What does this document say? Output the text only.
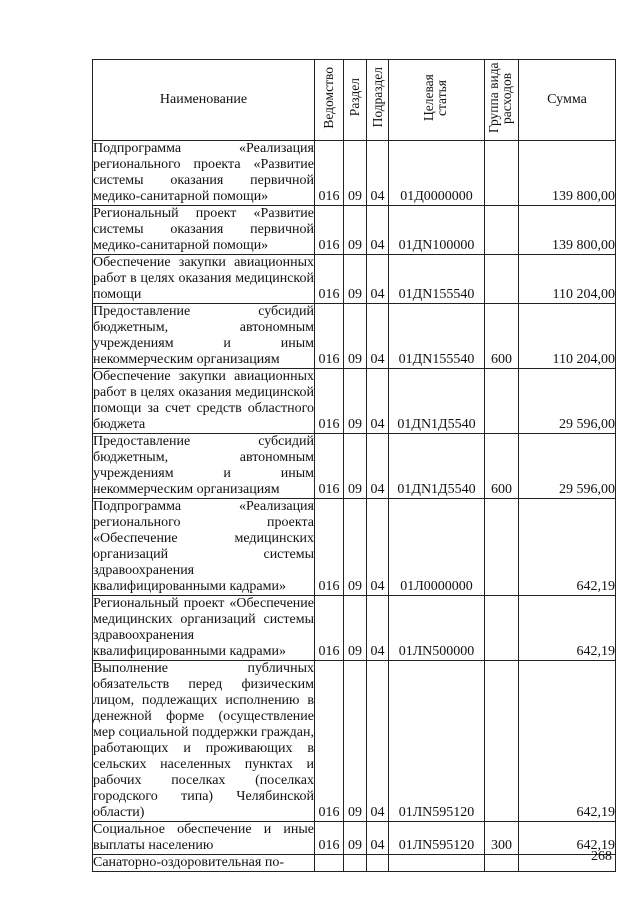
Наименование	Ведомство	Раздел	Подраздел	Целевая статья	Группа вида расходов	Сумма
Подпрограмма «Реализация регионального проекта «Развитие системы оказания первичной медико-санитарной помощи»	016	09	04	01Д0000000		139 800,00
Региональный проект «Развитие системы оказания первичной медико-санитарной помощи»	016	09	04	01ДN100000		139 800,00
Обеспечение закупки авиационных работ в целях оказания медицинской помощи	016	09	04	01ДN155540		110 204,00
Предоставление субсидий бюджетным, автономным учреждениям и иным некоммерческим организациям	016	09	04	01ДN155540	600	110 204,00
Обеспечение закупки авиационных работ в целях оказания медицинской помощи за счет средств областного бюджета	016	09	04	01ДN1Д5540		29 596,00
Предоставление субсидий бюджетным, автономным учреждениям и иным некоммерческим организациям	016	09	04	01ДN1Д5540	600	29 596,00
Подпрограмма «Реализация регионального проекта «Обеспечение медицинских организаций системы здравоохранения квалифицированными кадрами»	016	09	04	01Л0000000		642,19
Региональный проект «Обеспечение медицинских организаций системы здравоохранения квалифицированными кадрами»	016	09	04	01ЛN500000		642,19
Выполнение публичных обязательств перед физическим лицом, подлежащих исполнению в денежной форме (осуществление мер социальной поддержки граждан, работающих и проживающих в сельских населенных пунктах и рабочих поселках (поселках городского типа) Челябинской области)	016	09	04	01ЛN595120		642,19
Социальное обеспечение и иные выплаты населению	016	09	04	01ЛN595120	300	642,19
Санаторно-оздоровительная по-							268
